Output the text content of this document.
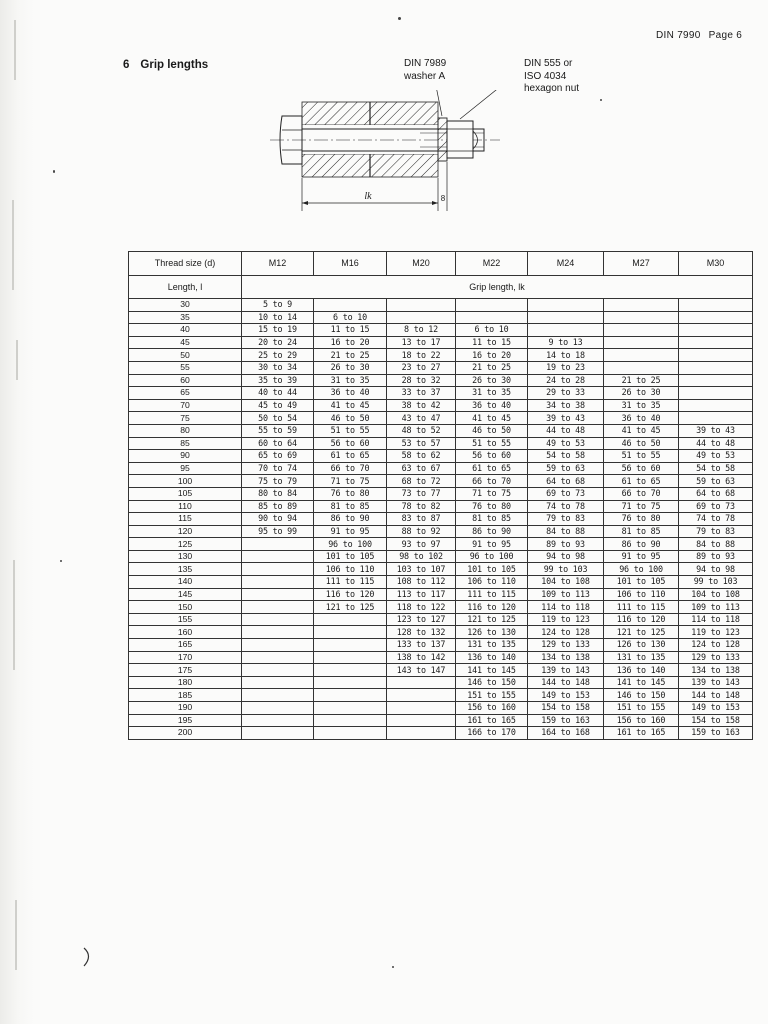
DIN 7990 Page 6
6 Grip lengths	DIN 7989
washer A
DIN 555 or
ISO 4034
hexagon nut
lk	8
Thread size (d)	M12	M16	M20	M22	M24	M27	M30
Length, l	Grip length, lk						
30	5 to 9						
35	10 to 14	6 to 10					
40	15 to 19	11 to 15	8 to 12	6 to 10			
45	20 to 24	16 to 20	13 to 17	11 to 15	9 to 13		
50	25 to 29	21 to 25	18 to 22	16 to 20	14 to 18		
55	30 to 34	26 to 30	23 to 27	21 to 25	19 to 23		
60	35 to 39	31 to 35	28 to 32	26 to 30	24 to 28	21 to 25	
65	40 to 44	36 to 40	33 to 37	31 to 35	29 to 33	26 to 30	
70	45 to 49	41 to 45	38 to 42	36 to 40	34 to 38	31 to 35	
75	50 to 54	46 to 50	43 to 47	41 to 45	39 to 43	36 to 40	
80	55 to 59	51 to 55	48 to 52	46 to 50	44 to 48	41 to 45	39 to 43
85	60 to 64	56 to 60	53 to 57	51 to 55	49 to 53	46 to 50	44 to 48
90	65 to 69	61 to 65	58 to 62	56 to 60	54 to 58	51 to 55	49 to 53
95	70 to 74	66 to 70	63 to 67	61 to 65	59 to 63	56 to 60	54 to 58
100	75 to 79	71 to 75	68 to 72	66 to 70	64 to 68	61 to 65	59 to 63
105	80 to 84	76 to 80	73 to 77	71 to 75	69 to 73	66 to 70	64 to 68
110	85 to 89	81 to 85	78 to 82	76 to 80	74 to 78	71 to 75	69 to 73
115	90 to 94	86 to 90	83 to 87	81 to 85	79 to 83	76 to 80	74 to 78
120	95 to 99	91 to 95	88 to 92	86 to 90	84 to 88	81 to 85	79 to 83
125		96 to 100	93 to 97	91 to 95	89 to 93	86 to 90	84 to 88
130		101 to 105	98 to 102	96 to 100	94 to 98	91 to 95	89 to 93
135		106 to 110	103 to 107	101 to 105	99 to 103	96 to 100	94 to 98
140		111 to 115	108 to 112	106 to 110	104 to 108	101 to 105	99 to 103
145		116 to 120	113 to 117	111 to 115	109 to 113	106 to 110	104 to 108
150		121 to 125	118 to 122	116 to 120	114 to 118	111 to 115	109 to 113
155			123 to 127	121 to 125	119 to 123	116 to 120	114 to 118
160			128 to 132	126 to 130	124 to 128	121 to 125	119 to 123
165			133 to 137	131 to 135	129 to 133	126 to 130	124 to 128
170			138 to 142	136 to 140	134 to 138	131 to 135	129 to 133
175			143 to 147	141 to 145	139 to 143	136 to 140	134 to 138
180				146 to 150	144 to 148	141 to 145	139 to 143
185				151 to 155	149 to 153	146 to 150	144 to 148
190				156 to 160	154 to 158	151 to 155	149 to 153
195				161 to 165	159 to 163	156 to 160	154 to 158
200				166 to 170	164 to 168	161 to 165	159 to 163
